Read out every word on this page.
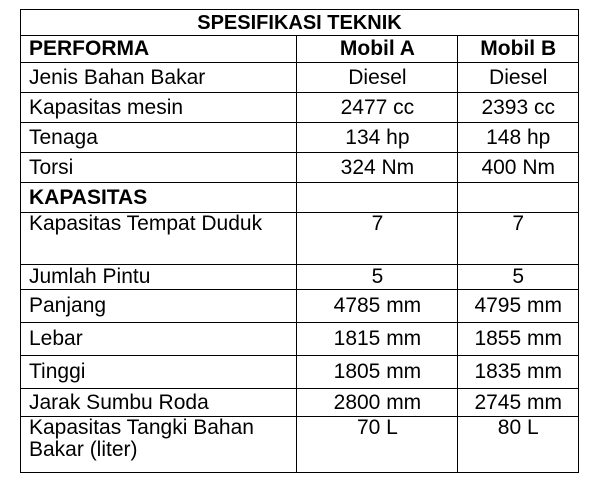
SPESIFIKASI TEKNIK		
PERFORMA	Mobil A	Mobil B
Jenis Bahan Bakar	Diesel	Diesel
Kapasitas mesin	2477 cc	2393 cc
Tenaga	134 hp	148 hp
Torsi	324 Nm	400 Nm
KAPASITAS		
Kapasitas Tempat Duduk	7	7
Jumlah Pintu	5	5
Panjang	4785 mm	4795 mm
Lebar	1815 mm	1855 mm
Tinggi	1805 mm	1835 mm
Jarak Sumbu Roda	2800 mm	2745 mm
Kapasitas Tangki Bahan Bakar (liter)	70 L	80 L
